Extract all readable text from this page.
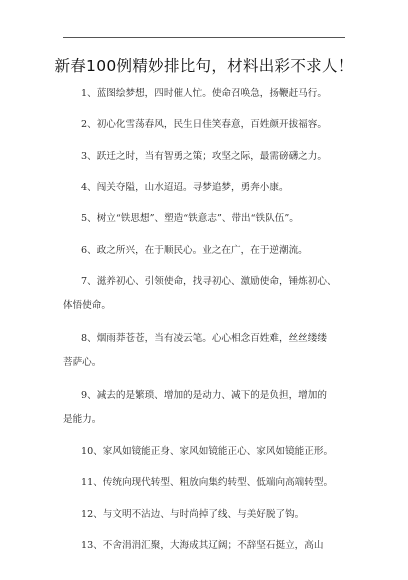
新春100例精妙排比句，材料出彩不求人！
1、蓝图绘梦想，四时催人忙。使命召唤急，扬鞭赶马行。
2、初心化雪荡春风，民生日佳笑春意，百姓颜开拔福容。
3、跃迁之时，当有智勇之策；攻坚之际，最需磅礴之力。
4、闯关夺隘，山水迢迢。寻梦追梦，勇奔小康。
5、树立“铁思想”、塑造“铁意志”、带出“铁队伍”。
6、政之所兴，在于顺民心。业之在广，在于逆潮流。
7、滋养初心、引领使命，找寻初心、激励使命，锤炼初心、
体悟使命。
8、烟雨莽苍苍，当有凌云笔。心心相念百姓难，丝丝缕缕
菩萨心。
9、减去的是繁琐、增加的是动力、减下的是负担，增加的
是能力。
10、家风如镜能正身、家风如镜能正心、家风如镜能正形。
11、传统向现代转型、粗放向集约转型、低端向高端转型。
12、与文明不沾边、与时尚掉了线、与美好脱了钩。
13、不舍涓涓汇聚，大海成其辽阔；不辞坚石挺立，高山
